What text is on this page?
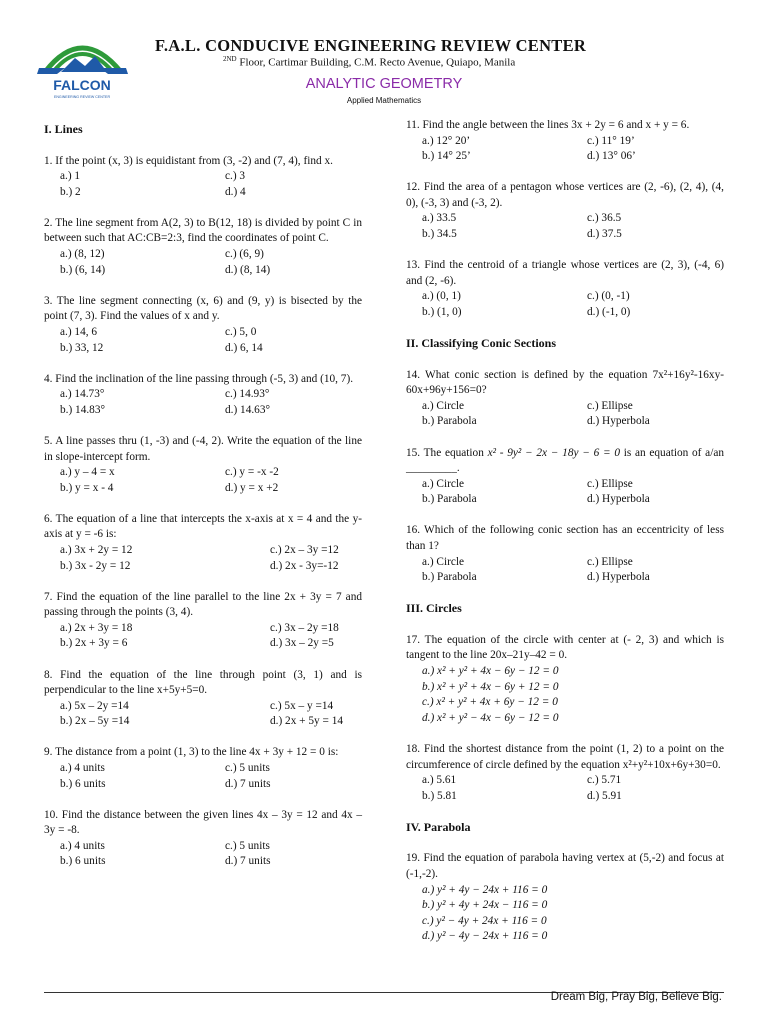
FALCON
ENGINEERING REVIEW CENTER
F.A.L. CONDUCIVE ENGINEERING REVIEW CENTER
$^{2ND}$ Floor, Cartimar Building, C.M. Recto Avenue, Quiapo, Manila
ANALYTIC GEOMETRY
Applied Mathematics
I. Lines

1. If the point (x, 3) is equidistant from (3, -2) and (7, 4), find x.

a.) 1	c.) 3
b.) 2	d.) 4

2. The line segment from A(2, 3) to B(12, 18) is divided by point C in between such that AC:CB=2:3, find the coordinates of point C.

a.) (8, 12)	c.) (6, 9)
b.) (6, 14)	d.) (8, 14)

3. The line segment connecting (x, 6) and (9, y) is bisected by the point (7, 3). Find the values of x and y.

a.) 14, 6	c.) 5, 0
b.) 33, 12	d.) 6, 14

4. Find the inclination of the line passing through (-5, 3) and (10, 7).

a.) 14.73°	c.) 14.93°
b.) 14.83°	d.) 14.63°

5. A line passes thru (1, -3) and (-4, 2). Write the equation of the line in slope-intercept form.

a.) y – 4 = x	c.) y = -x -2
b.) y = x - 4	d.) y = x +2

6. The equation of a line that intercepts the x-axis at x = 4 and the y-axis at y = -6 is:

a.) 3x + 2y = 12	c.) 2x – 3y =12
b.) 3x - 2y = 12	d.) 2x - 3y=-12

7. Find the equation of the line parallel to the line 2x + 3y = 7 and passing through the points (3, 4).

a.) 2x + 3y = 18	c.) 3x – 2y =18
b.) 2x + 3y = 6	d.) 3x – 2y =5

8. Find the equation of the line through point (3, 1) and is perpendicular to the line x+5y+5=0.

a.) 5x – 2y =14	c.) 5x – y =14
b.) 2x – 5y =14	d.) 2x + 5y = 14

9. The distance from a point (1, 3) to the line 4x + 3y + 12 = 0 is:

a.) 4 units	c.) 5 units
b.) 6 units	d.) 7 units

10. Find the distance between the given lines 4x – 3y = 12 and 4x – 3y = -8.

a.) 4 units	c.) 5 units
b.) 6 units	d.) 7 units

11. Find the angle between the lines 3x + 2y = 6 and x + y = 6.

a.) 12° 20’	c.) 11° 19’
b.) 14° 25’	d.) 13° 06’

12. Find the area of a pentagon whose vertices are (2, -6), (2, 4), (4, 0), (-3, 3) and (-3, 2).

a.) 33.5	c.) 36.5
b.) 34.5	d.) 37.5

13. Find the centroid of a triangle whose vertices are (2, 3), (-4, 6) and (2, -6).

a.) (0, 1)	c.) (0, -1)
b.) (1, 0)	d.) (-1, 0)
II. Classifying Conic Sections

14. What conic section is defined by the equation 7x²+16y²-16xy-60x+96y+156=0?

a.) Circle	c.) Ellipse
b.) Parabola	d.) Hyperbola

15. The equation x² - 9y² − 2x − 18y − 6 = 0 is an equation of a/an _________.

a.) Circle	c.) Ellipse
b.) Parabola	d.) Hyperbola

16. Which of the following conic section has an eccentricity of less than 1?

a.) Circle	c.) Ellipse
b.) Parabola	d.) Hyperbola
III. Circles

17. The equation of the circle with center at (- 2, 3) and which is tangent to the line 20x–21y–42 = 0.

a.) x² + y² + 4x − 6y − 12 = 0
b.) x² + y² + 4x − 6y + 12 = 0
c.) x² + y² + 4x + 6y − 12 = 0
d.) x² + y² − 4x − 6y − 12 = 0

18. Find the shortest distance from the point (1, 2) to a point on the circumference of circle defined by the equation x²+y²+10x+6y+30=0.

a.) 5.61	c.) 5.71
b.) 5.81	d.) 5.91
IV. Parabola

19. Find the equation of parabola having vertex at (5,-2) and focus at (-1,-2).

a.) y² + 4y − 24x + 116 = 0
b.) y² + 4y + 24x − 116 = 0
c.) y² − 4y + 24x + 116 = 0
d.) y² − 4y − 24x + 116 = 0
Dream Big, Pray Big, Believe Big.
